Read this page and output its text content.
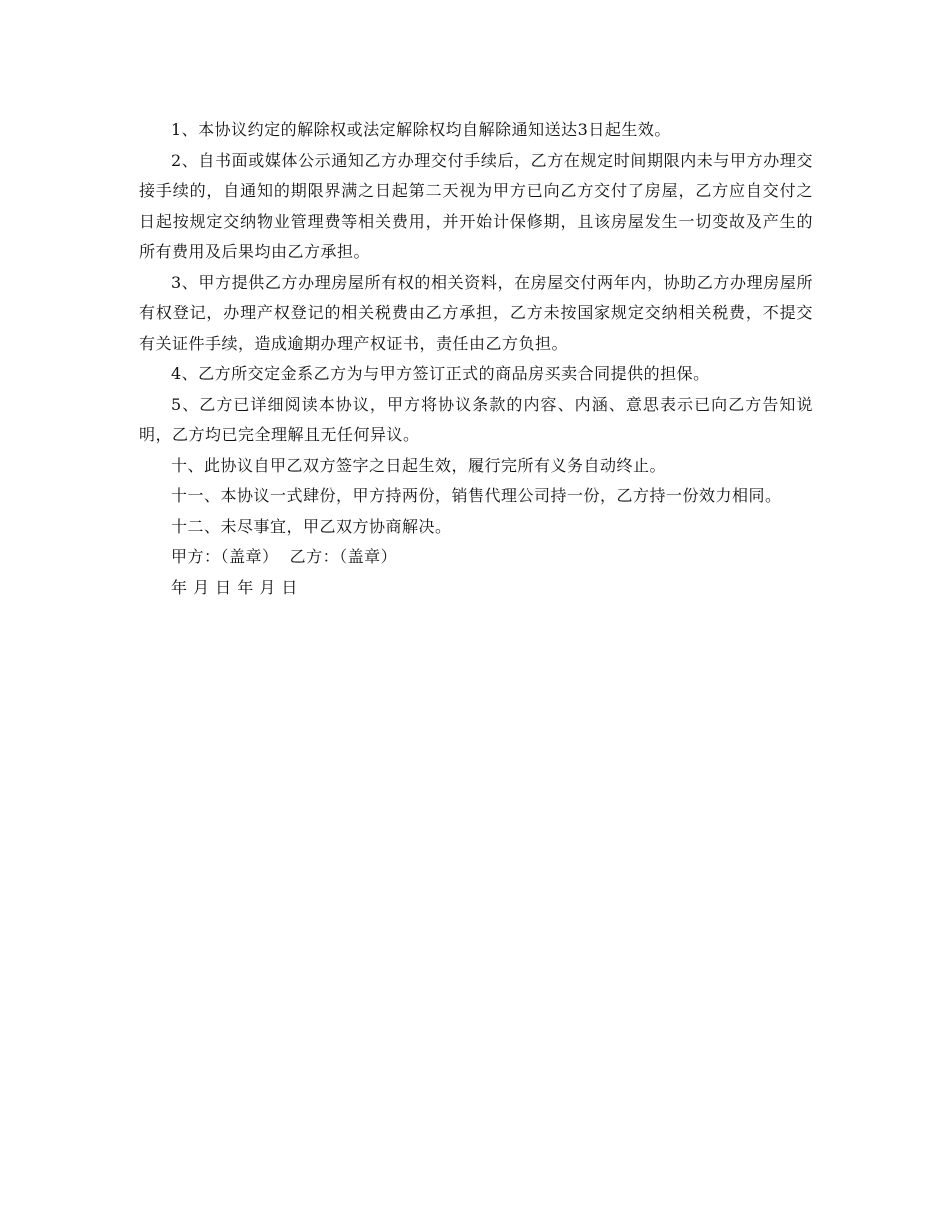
1、本协议约定的解除权或法定解除权均自解除通知送达3日起生效。

2、自书面或媒体公示通知乙方办理交付手续后，乙方在规定时间期限内未与甲方办理交接手续的，自通知的期限界满之日起第二天视为甲方已向乙方交付了房屋，乙方应自交付之日起按规定交纳物业管理费等相关费用，并开始计保修期，且该房屋发生一切变故及产生的所有费用及后果均由乙方承担。

3、甲方提供乙方办理房屋所有权的相关资料，在房屋交付两年内，协助乙方办理房屋所有权登记，办理产权登记的相关税费由乙方承担，乙方未按国家规定交纳相关税费，不提交有关证件手续，造成逾期办理产权证书，责任由乙方负担。

4、乙方所交定金系乙方为与甲方签订正式的商品房买卖合同提供的担保。

5、乙方已详细阅读本协议，甲方将协议条款的内容、内涵、意思表示已向乙方告知说明，乙方均已完全理解且无任何异议。

十、此协议自甲乙双方签字之日起生效，履行完所有义务自动终止。

十一、本协议一式肆份，甲方持两份，销售代理公司持一份，乙方持一份效力相同。

十二、未尽事宜，甲乙双方协商解决。

甲方：（盖章）  乙方：（盖章）

年 月 日 年 月 日
